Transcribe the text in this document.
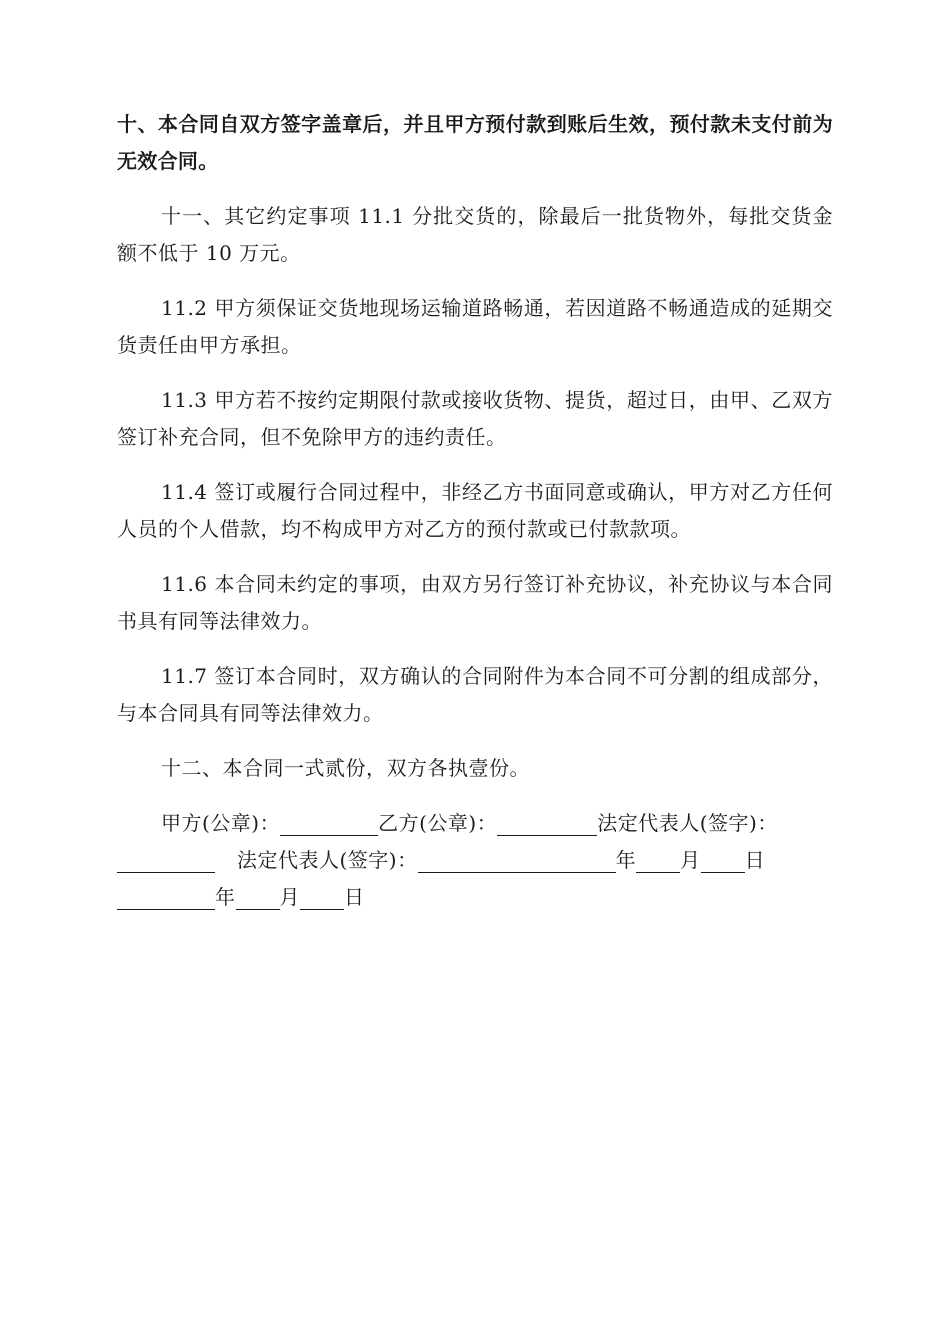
十、本合同自双方签字盖章后，并且甲方预付款到账后生效，预付款未支付前为无效合同。

十一、其它约定事项 11.1 分批交货的，除最后一批货物外，每批交货金额不低于 10 万元。

11.2 甲方须保证交货地现场运输道路畅通，若因道路不畅通造成的延期交货责任由甲方承担。

11.3 甲方若不按约定期限付款或接收货物、提货，超过日，由甲、乙双方签订补充合同，但不免除甲方的违约责任。

11.4 签订或履行合同过程中，非经乙方书面同意或确认，甲方对乙方任何人员的个人借款，均不构成甲方对乙方的预付款或已付款款项。

11.6 本合同未约定的事项，由双方另行签订补充协议，补充协议与本合同书具有同等法律效力。

11.7 签订本合同时，双方确认的合同附件为本合同不可分割的组成部分，与本合同具有同等法律效力。

十二、本合同一式贰份，双方各执壹份。

甲方(公章)：	乙方(公章)：	法定代表人(签字)：
法定代表人(签字)：	年 月 日
年 月 日
